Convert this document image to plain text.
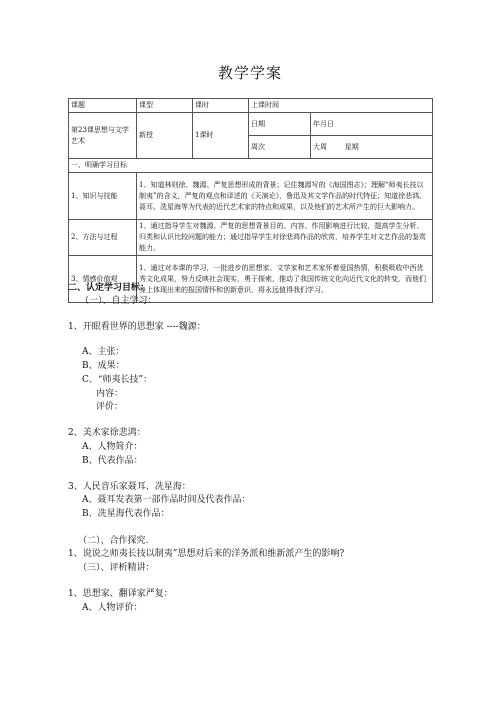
教学学案
课题	课型	课时	上课时间	
第23课思想与文学艺术	新授	1课时	日期	年月日
			周次	大周        星期
一、明确学习目标				
1、知识与技能	1、知道林则徐、魏源、严复思想形成的背景；记住魏源写的《海国图志》；理解“师夷长技以制夷”的含义，严复的观点和译述的《天演论》，鲁迅及其文学作品的时代特征；知道徐悲鸿、聂耳、冼星海等为代表的近代艺术家的特点和成果，以及他们的艺术所产生的巨大影响力。			
2、方法与过程	1、通过指导学生对魏源、严复的思想背景目的、内容、作用影响进行比较，提高学生分析、归类和认识比较问题的能力；通过指导学生对徐悲鸿作品的欣赏，培养学生对文艺作品的鉴赏能力。			
3、情感价值观	1、通过对本课的学习，一批进步的思想家、文学家和艺术家怀着爱国热情，积极吸收中西优秀文化成果，努力反映社会现实，勇于探索，推动了我国传统文化向近代文化的转变，而他们身上体现出来的报国情怀和创新意识，将永远值得我们学习。			
二、认定学习目标：
（一）、自主学习：
1、开眼看世界的思想家 ----魏源：
A、主张：
B、成果：
C、“师夷长技”：
内容：
评价：
2、美术家徐悲鸿：
A、人物简介：
B、代表作品：
3、人民音乐家聂耳、冼星海：
A、聂耳发表第一部作品时间及代表作品：
B、冼星海代表作品：
（二）、合作探究.
1、说说之师夷长技以制夷”思想对后来的洋务派和维新派产生的影响?
（三）、评析精讲：
1、思想家、翻译家严复：
A、人物评价：
